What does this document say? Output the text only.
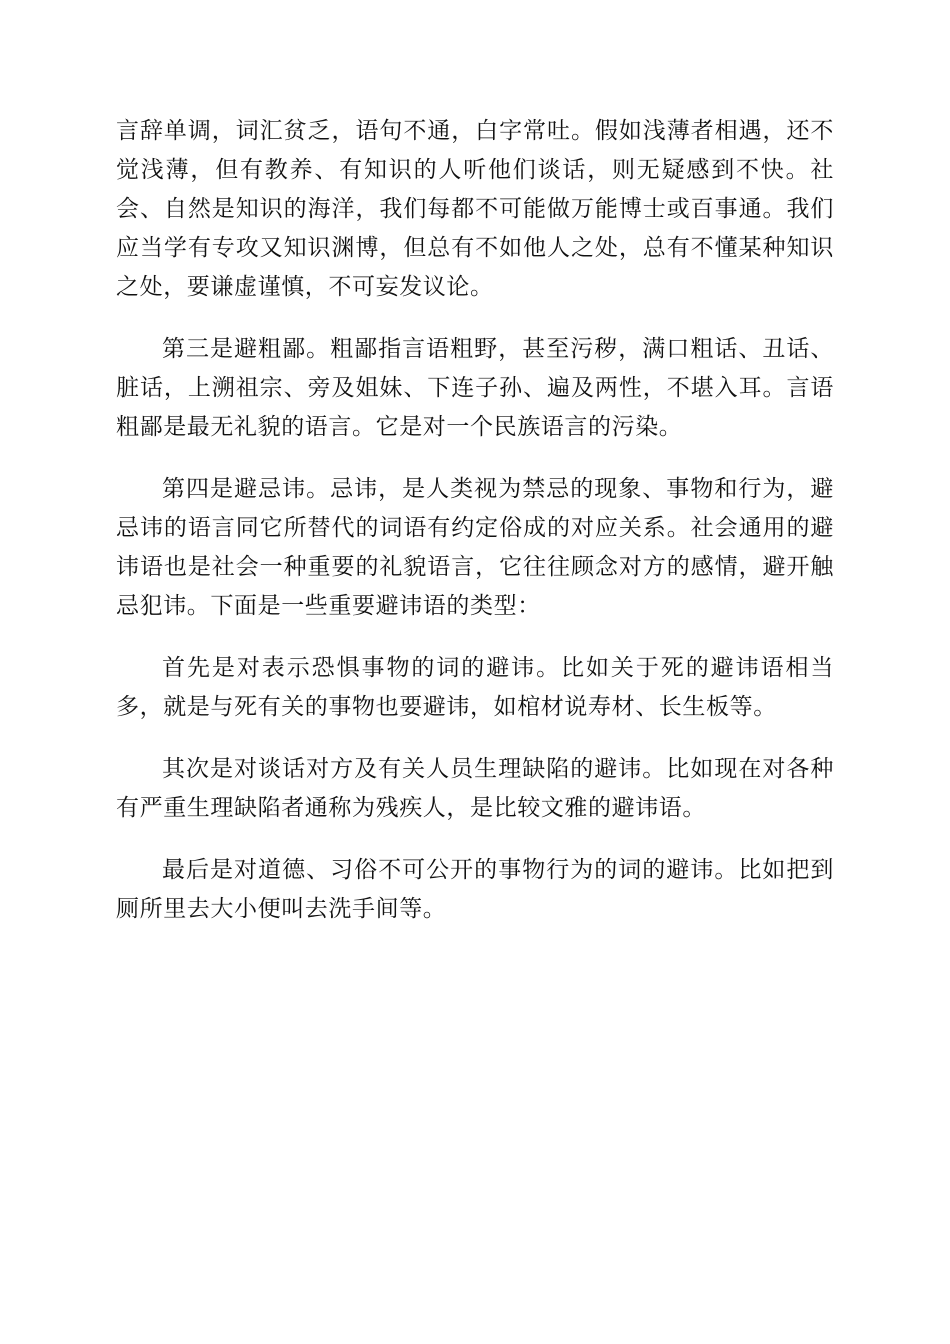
言辞单调，词汇贫乏，语句不通，白字常吐。假如浅薄者相遇，还不觉浅薄，但有教养、有知识的人听他们谈话，则无疑感到不快。社会、自然是知识的海洋，我们每都不可能做万能博士或百事通。我们应当学有专攻又知识渊博，但总有不如他人之处，总有不懂某种知识之处，要谦虚谨慎，不可妄发议论。

第三是避粗鄙。粗鄙指言语粗野，甚至污秽，满口粗话、丑话、脏话，上溯祖宗、旁及姐妹、下连子孙、遍及两性，不堪入耳。言语粗鄙是最无礼貌的语言。它是对一个民族语言的污染。

第四是避忌讳。忌讳，是人类视为禁忌的现象、事物和行为，避忌讳的语言同它所替代的词语有约定俗成的对应关系。社会通用的避讳语也是社会一种重要的礼貌语言，它往往顾念对方的感情，避开触忌犯讳。下面是一些重要避讳语的类型：

首先是对表示恐惧事物的词的避讳。比如关于死的避讳语相当多，就是与死有关的事物也要避讳，如棺材说寿材、长生板等。

其次是对谈话对方及有关人员生理缺陷的避讳。比如现在对各种有严重生理缺陷者通称为残疾人，是比较文雅的避讳语。

最后是对道德、习俗不可公开的事物行为的词的避讳。比如把到厕所里去大小便叫去洗手间等。
